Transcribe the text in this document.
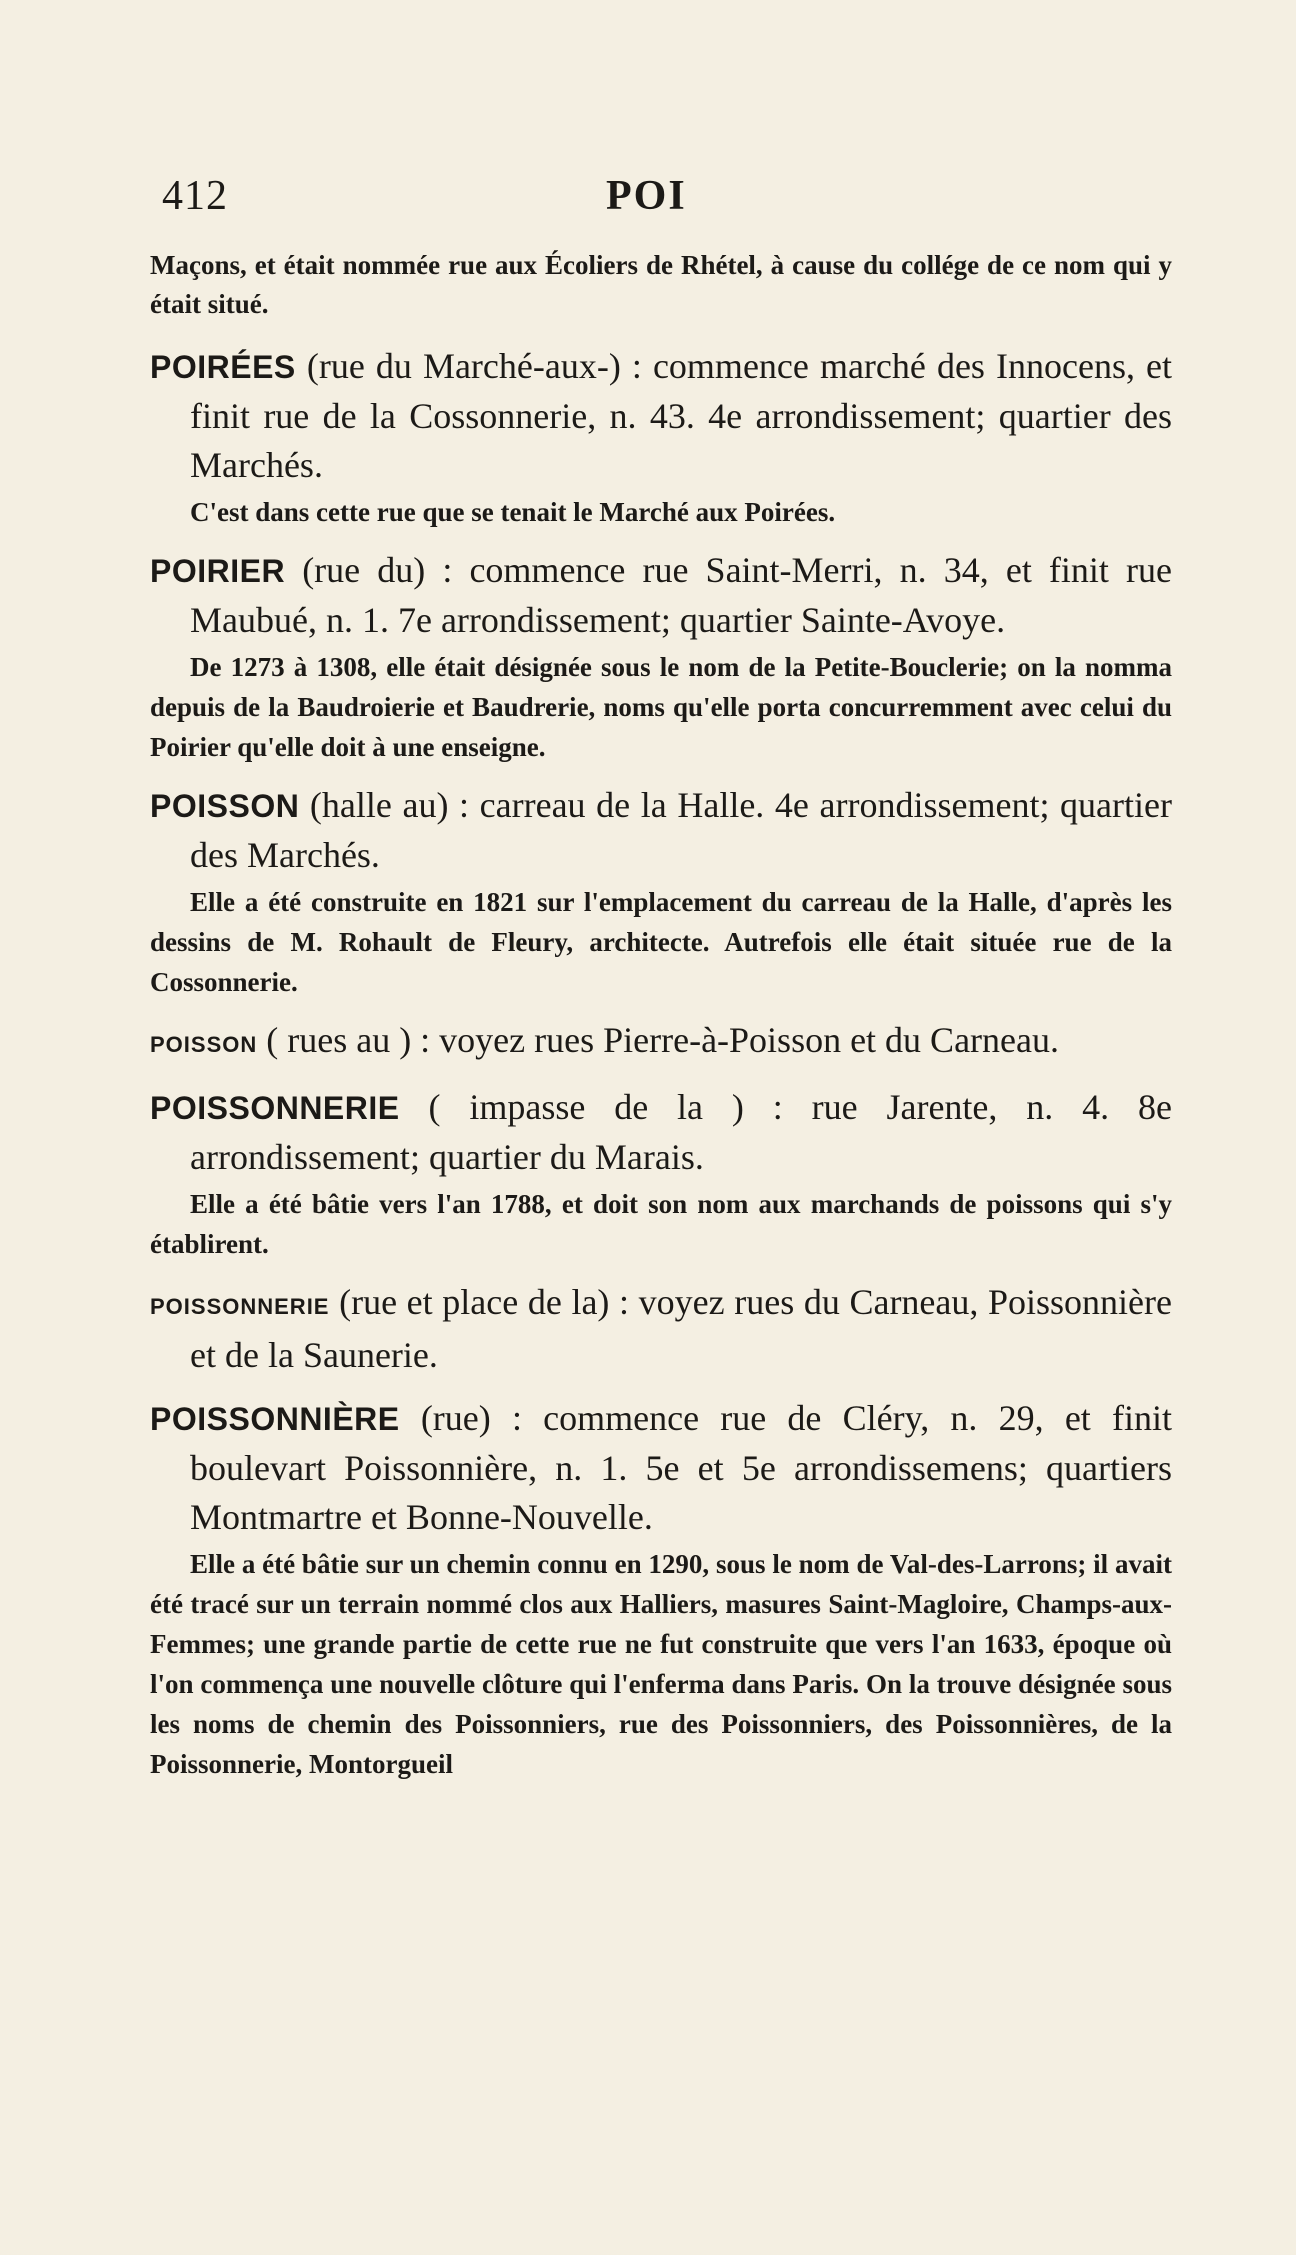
412	POI

Maçons, et était nommée rue aux Écoliers de Rhétel, à cause du collége de ce nom qui y était situé.

POIRÉES (rue du Marché-aux-) : commence marché des Innocens, et finit rue de la Cossonnerie, n. 43. 4e arrondissement; quartier des Marchés.

C'est dans cette rue que se tenait le Marché aux Poirées.

POIRIER (rue du) : commence rue Saint-Merri, n. 34, et finit rue Maubué, n. 1. 7e arrondissement; quartier Sainte-Avoye.

De 1273 à 1308, elle était désignée sous le nom de la Petite-Bouclerie; on la nomma depuis de la Baudroierie et Baudrerie, noms qu'elle porta concurremment avec celui du Poirier qu'elle doit à une enseigne.

POISSON (halle au) : carreau de la Halle. 4e arrondissement; quartier des Marchés.

Elle a été construite en 1821 sur l'emplacement du carreau de la Halle, d'après les dessins de M. Rohault de Fleury, architecte. Autrefois elle était située rue de la Cossonnerie.

POISSON ( rues au ) : voyez rues Pierre-à-Poisson et du Carneau.

POISSONNERIE ( impasse de la ) : rue Jarente, n. 4. 8e arrondissement; quartier du Marais.

Elle a été bâtie vers l'an 1788, et doit son nom aux marchands de poissons qui s'y établirent.

POISSONNERIE (rue et place de la) : voyez rues du Carneau, Poissonnière et de la Saunerie.

POISSONNIÈRE (rue) : commence rue de Cléry, n. 29, et finit boulevart Poissonnière, n. 1. 5e et 5e arrondissemens; quartiers Montmartre et Bonne-Nouvelle.

Elle a été bâtie sur un chemin connu en 1290, sous le nom de Val-des-Larrons; il avait été tracé sur un terrain nommé clos aux Halliers, masures Saint-Magloire, Champs-aux-Femmes; une grande partie de cette rue ne fut construite que vers l'an 1633, époque où l'on commença une nouvelle clôture qui l'enferma dans Paris. On la trouve désignée sous les noms de chemin des Poissonniers, rue des Poissonniers, des Poissonnières, de la Poissonnerie, Montorgueil
